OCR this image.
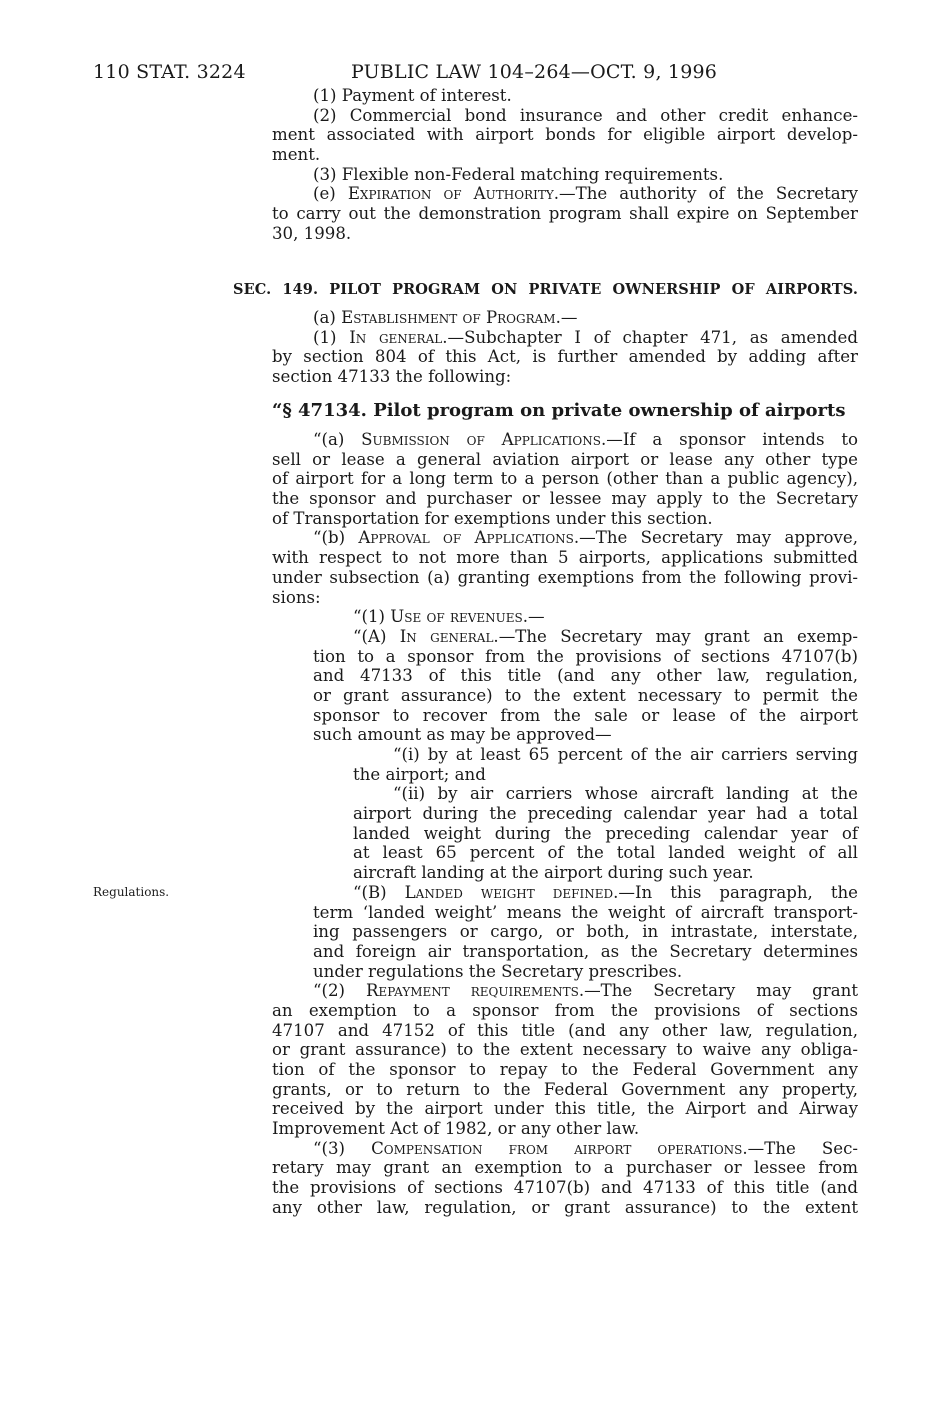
110 STAT. 3224	PUBLIC LAW 104–264—OCT. 9, 1996
(1) Payment of interest.
(2) Commercial bond insurance and other credit enhance-
ment associated with airport bonds for eligible airport develop-
ment.
(3) Flexible non-Federal matching requirements.
(e) Expiration of Authority.—The authority of the Secretary
to carry out the demonstration program shall expire on September
30, 1998.
SEC. 149. PILOT PROGRAM ON PRIVATE OWNERSHIP OF AIRPORTS.
(a) Establishment of Program.—
(1) In general.—Subchapter I of chapter 471, as amended
by section 804 of this Act, is further amended by adding after
section 47133 the following:
“§ 47134. Pilot program on private ownership of airports
“(a) Submission of Applications.—If a sponsor intends to
sell or lease a general aviation airport or lease any other type
of airport for a long term to a person (other than a public agency),
the sponsor and purchaser or lessee may apply to the Secretary
of Transportation for exemptions under this section.
“(b) Approval of Applications.—The Secretary may approve,
with respect to not more than 5 airports, applications submitted
under subsection (a) granting exemptions from the following provi-
sions:
“(1) Use of revenues.—
“(A) In general.—The Secretary may grant an exemp-
tion to a sponsor from the provisions of sections 47107(b)
and 47133 of this title (and any other law, regulation,
or grant assurance) to the extent necessary to permit the
sponsor to recover from the sale or lease of the airport
such amount as may be approved—
“(i) by at least 65 percent of the air carriers serving
the airport; and
“(ii) by air carriers whose aircraft landing at the
airport during the preceding calendar year had a total
landed weight during the preceding calendar year of
at least 65 percent of the total landed weight of all
aircraft landing at the airport during such year.
“(B) Landed weight defined.—In this paragraph, the
term ‘landed weight’ means the weight of aircraft transport-
ing passengers or cargo, or both, in intrastate, interstate,
and foreign air transportation, as the Secretary determines
under regulations the Secretary prescribes.
“(2) Repayment requirements.—The Secretary may grant
an exemption to a sponsor from the provisions of sections
47107 and 47152 of this title (and any other law, regulation,
or grant assurance) to the extent necessary to waive any obliga-
tion of the sponsor to repay to the Federal Government any
grants, or to return to the Federal Government any property,
received by the airport under this title, the Airport and Airway
Improvement Act of 1982, or any other law.
“(3) Compensation from airport operations.—The Sec-
retary may grant an exemption to a purchaser or lessee from
the provisions of sections 47107(b) and 47133 of this title (and
any other law, regulation, or grant assurance) to the extent
Regulations.
